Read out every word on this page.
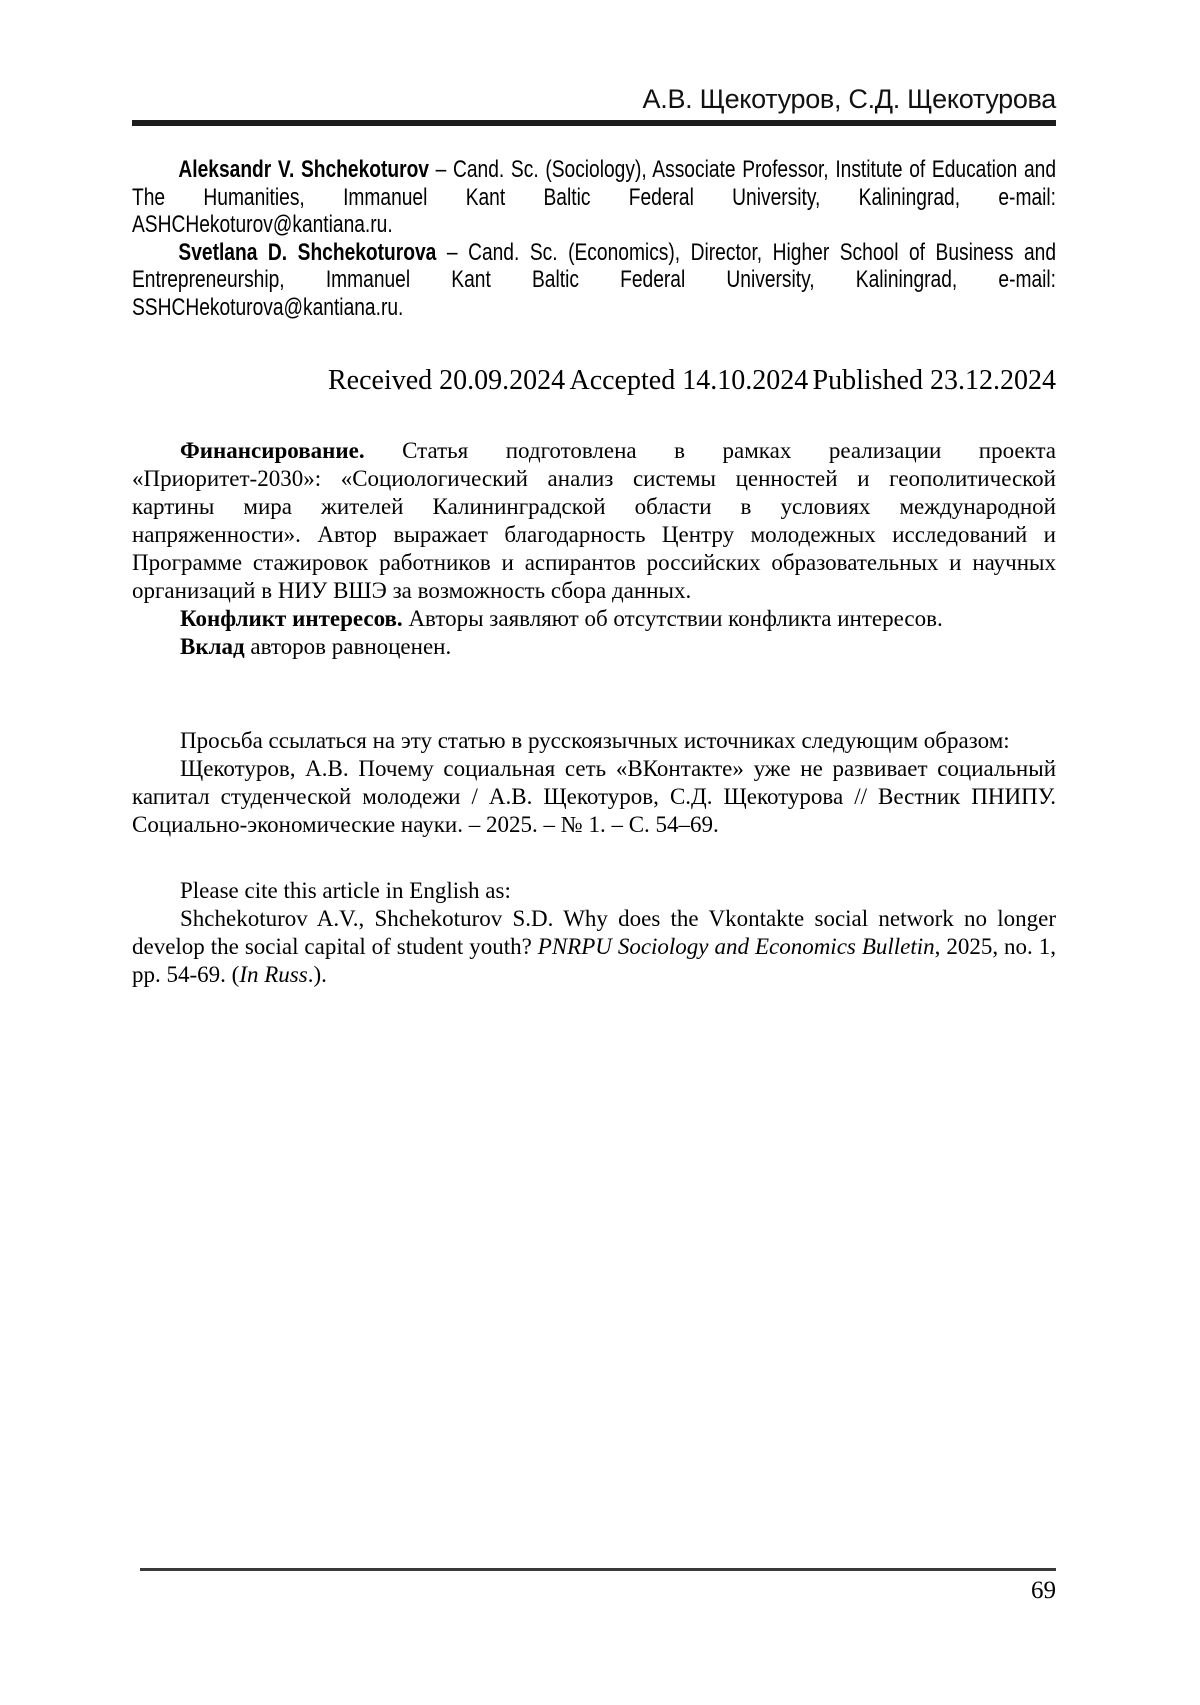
А.В. Щекотуров, С.Д. Щекотурова

Aleksandr V. Shchekoturov – Cand. Sc. (Sociology), Associate Professor, Institute of Education and The Humanities, Immanuel Kant Baltic Federal University, Kaliningrad, e-mail: ASHCHekoturov@kantiana.ru.

Svetlana D. Shchekoturova – Cand. Sc. (Economics), Director, Higher School of Business and Entrepreneurship, Immanuel Kant Baltic Federal University, Kaliningrad, e-mail: SSHCHekoturova@kantiana.ru.

Received 20.09.2024 Accepted 14.10.2024 Published 23.12.2024

Финансирование. Статья подготовлена в рамках реализации проекта «Приоритет-2030»: «Социологический анализ системы ценностей и геополитической картины мира жителей Калининградской области в условиях международной напряженности». Автор выражает благодарность Центру молодежных исследований и Программе стажировок работников и аспирантов российских образовательных и научных организаций в НИУ ВШЭ за возможность сбора данных.

Конфликт интересов. Авторы заявляют об отсутствии конфликта интересов.

Вклад авторов равноценен.

Просьба ссылаться на эту статью в русскоязычных источниках следующим образом:

Щекотуров, А.В. Почему социальная сеть «ВКонтакте» уже не развивает социальный капитал студенческой молодежи / А.В. Щекотуров, С.Д. Щекотурова // Вестник ПНИПУ. Социально-экономические науки. – 2025. – № 1. – С. 54–69.

Please cite this article in English as:

Shchekoturov A.V., Shchekoturov S.D. Why does the Vkontakte social network no longer develop the social capital of student youth? PNRPU Sociology and Economics Bulletin, 2025, no. 1, pp. 54-69. (In Russ.).

69
